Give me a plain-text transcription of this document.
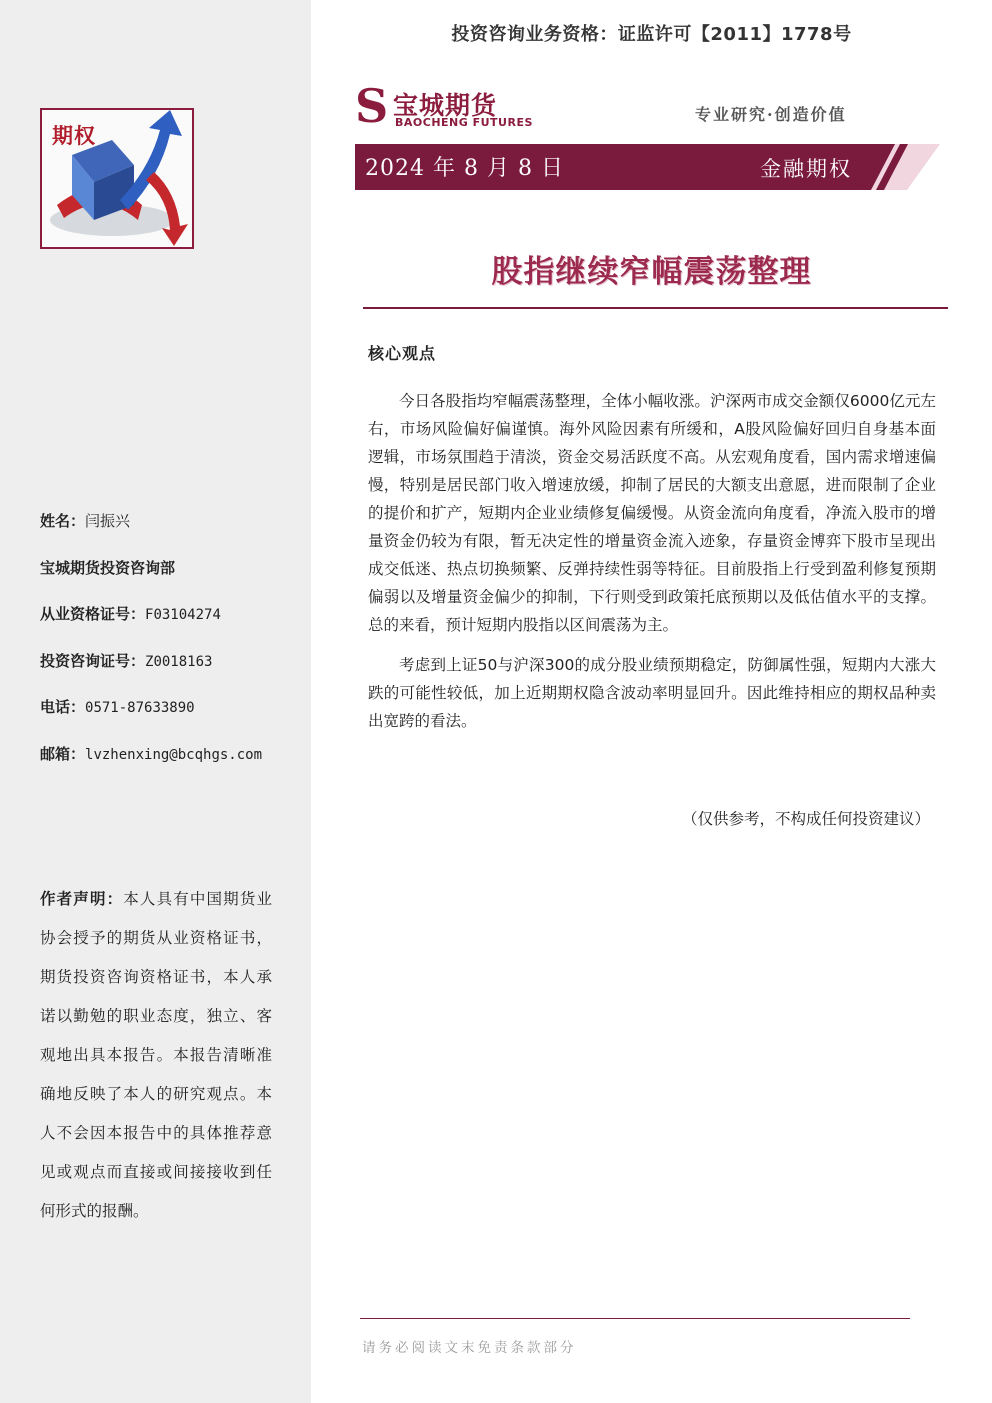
期权
姓名：闫振兴
宝城期货投资咨询部
从业资格证号：F03104274
投资咨询证号：Z0018163
电话：0571-87633890
邮箱：lvzhenxing@bcqhgs.com
作者声明：本人具有中国期货业协会授予的期货从业资格证书，期货投资咨询资格证书，本人承诺以勤勉的职业态度，独立、客观地出具本报告。本报告清晰准确地反映了本人的研究观点。本人不会因本报告中的具体推荐意见或观点而直接或间接接收到任何形式的报酬。
投资咨询业务资格：证监许可【2011】1778号
S 宝城期货
BAOCHENG FUTURES	专业研究·创造价值
2024 年 8 月 8 日	金融期权
股指继续窄幅震荡整理
核心观点

今日各股指均窄幅震荡整理，全体小幅收涨。沪深两市成交金额仅6000亿元左右，市场风险偏好偏谨慎。海外风险因素有所缓和，A股风险偏好回归自身基本面逻辑，市场氛围趋于清淡，资金交易活跃度不高。从宏观角度看，国内需求增速偏慢，特别是居民部门收入增速放缓，抑制了居民的大额支出意愿，进而限制了企业的提价和扩产，短期内企业业绩修复偏缓慢。从资金流向角度看，净流入股市的增量资金仍较为有限，暂无决定性的增量资金流入迹象，存量资金博弈下股市呈现出成交低迷、热点切换频繁、反弹持续性弱等特征。目前股指上行受到盈利修复预期偏弱以及增量资金偏少的抑制，下行则受到政策托底预期以及低估值水平的支撑。总的来看，预计短期内股指以区间震荡为主。

考虑到上证50与沪深300的成分股业绩预期稳定，防御属性强，短期内大涨大跌的可能性较低，加上近期期权隐含波动率明显回升。因此维持相应的期权品种卖出宽跨的看法。

（仅供参考，不构成任何投资建议）
请务必阅读文末免责条款部分
